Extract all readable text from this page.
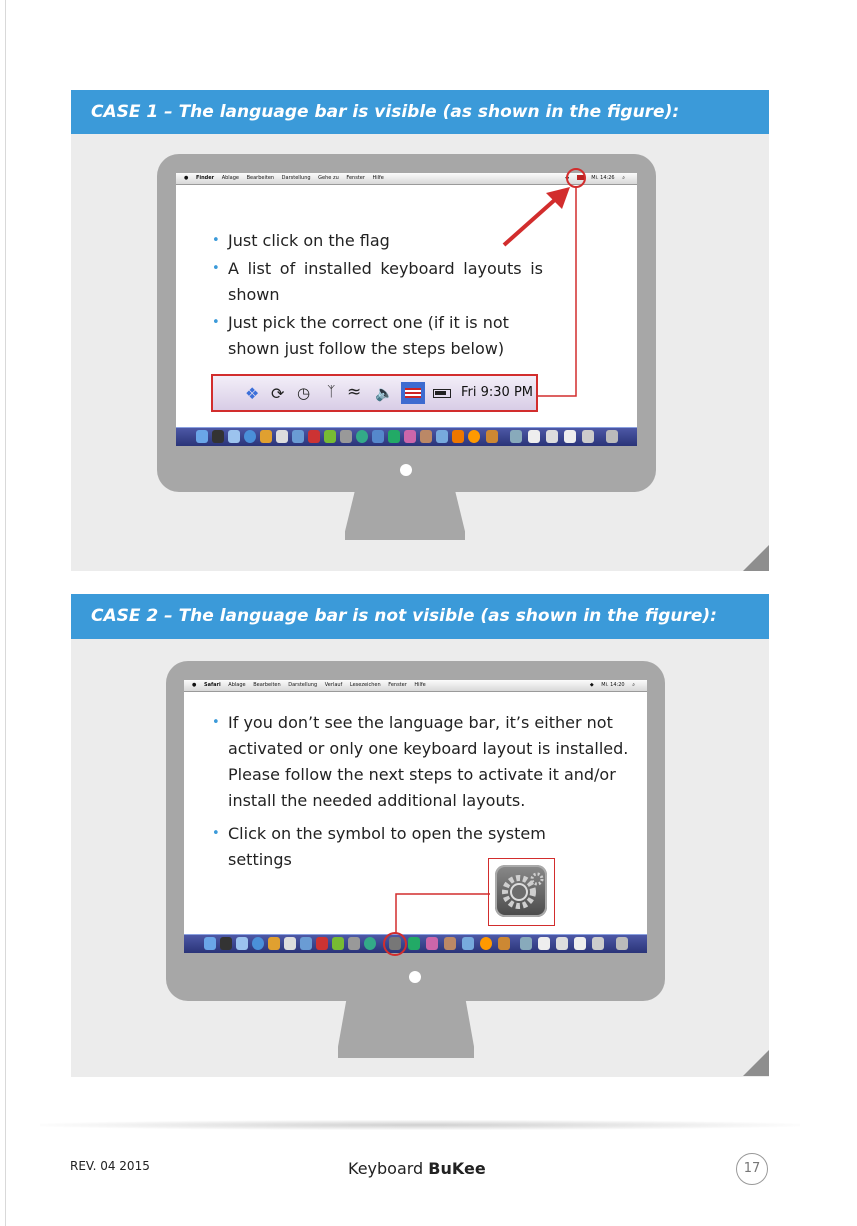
CASE 1 – The language bar is visible (as shown in the figure):
● Finder Ablage Bearbeiten Darstellung Gehe zu Fenster Hilfe	◆	Mi. 14:26 ⌕
• Just click on the flag
• A list of installed keyboard layouts is shown
• Just pick the correct one (if it is not shown just follow the steps below)
❖ ⟳ ◷ ᛉ ≈ 🔈	Fri 9:30 PM
CASE 2 – The language bar is not visible (as shown in the figure):
● Safari Ablage Bearbeiten Darstellung Verlauf Lesezeichen Fenster Hilfe	◆ Mi. 14:20 ⌕
• If you don’t see the language bar, it’s either not activated or only one keyboard layout is installed. Please follow the next steps to activate it and/or install the needed additional layouts.
• Click on the symbol to open the system settings
REV. 04 2015	Keyboard BuKee	17
